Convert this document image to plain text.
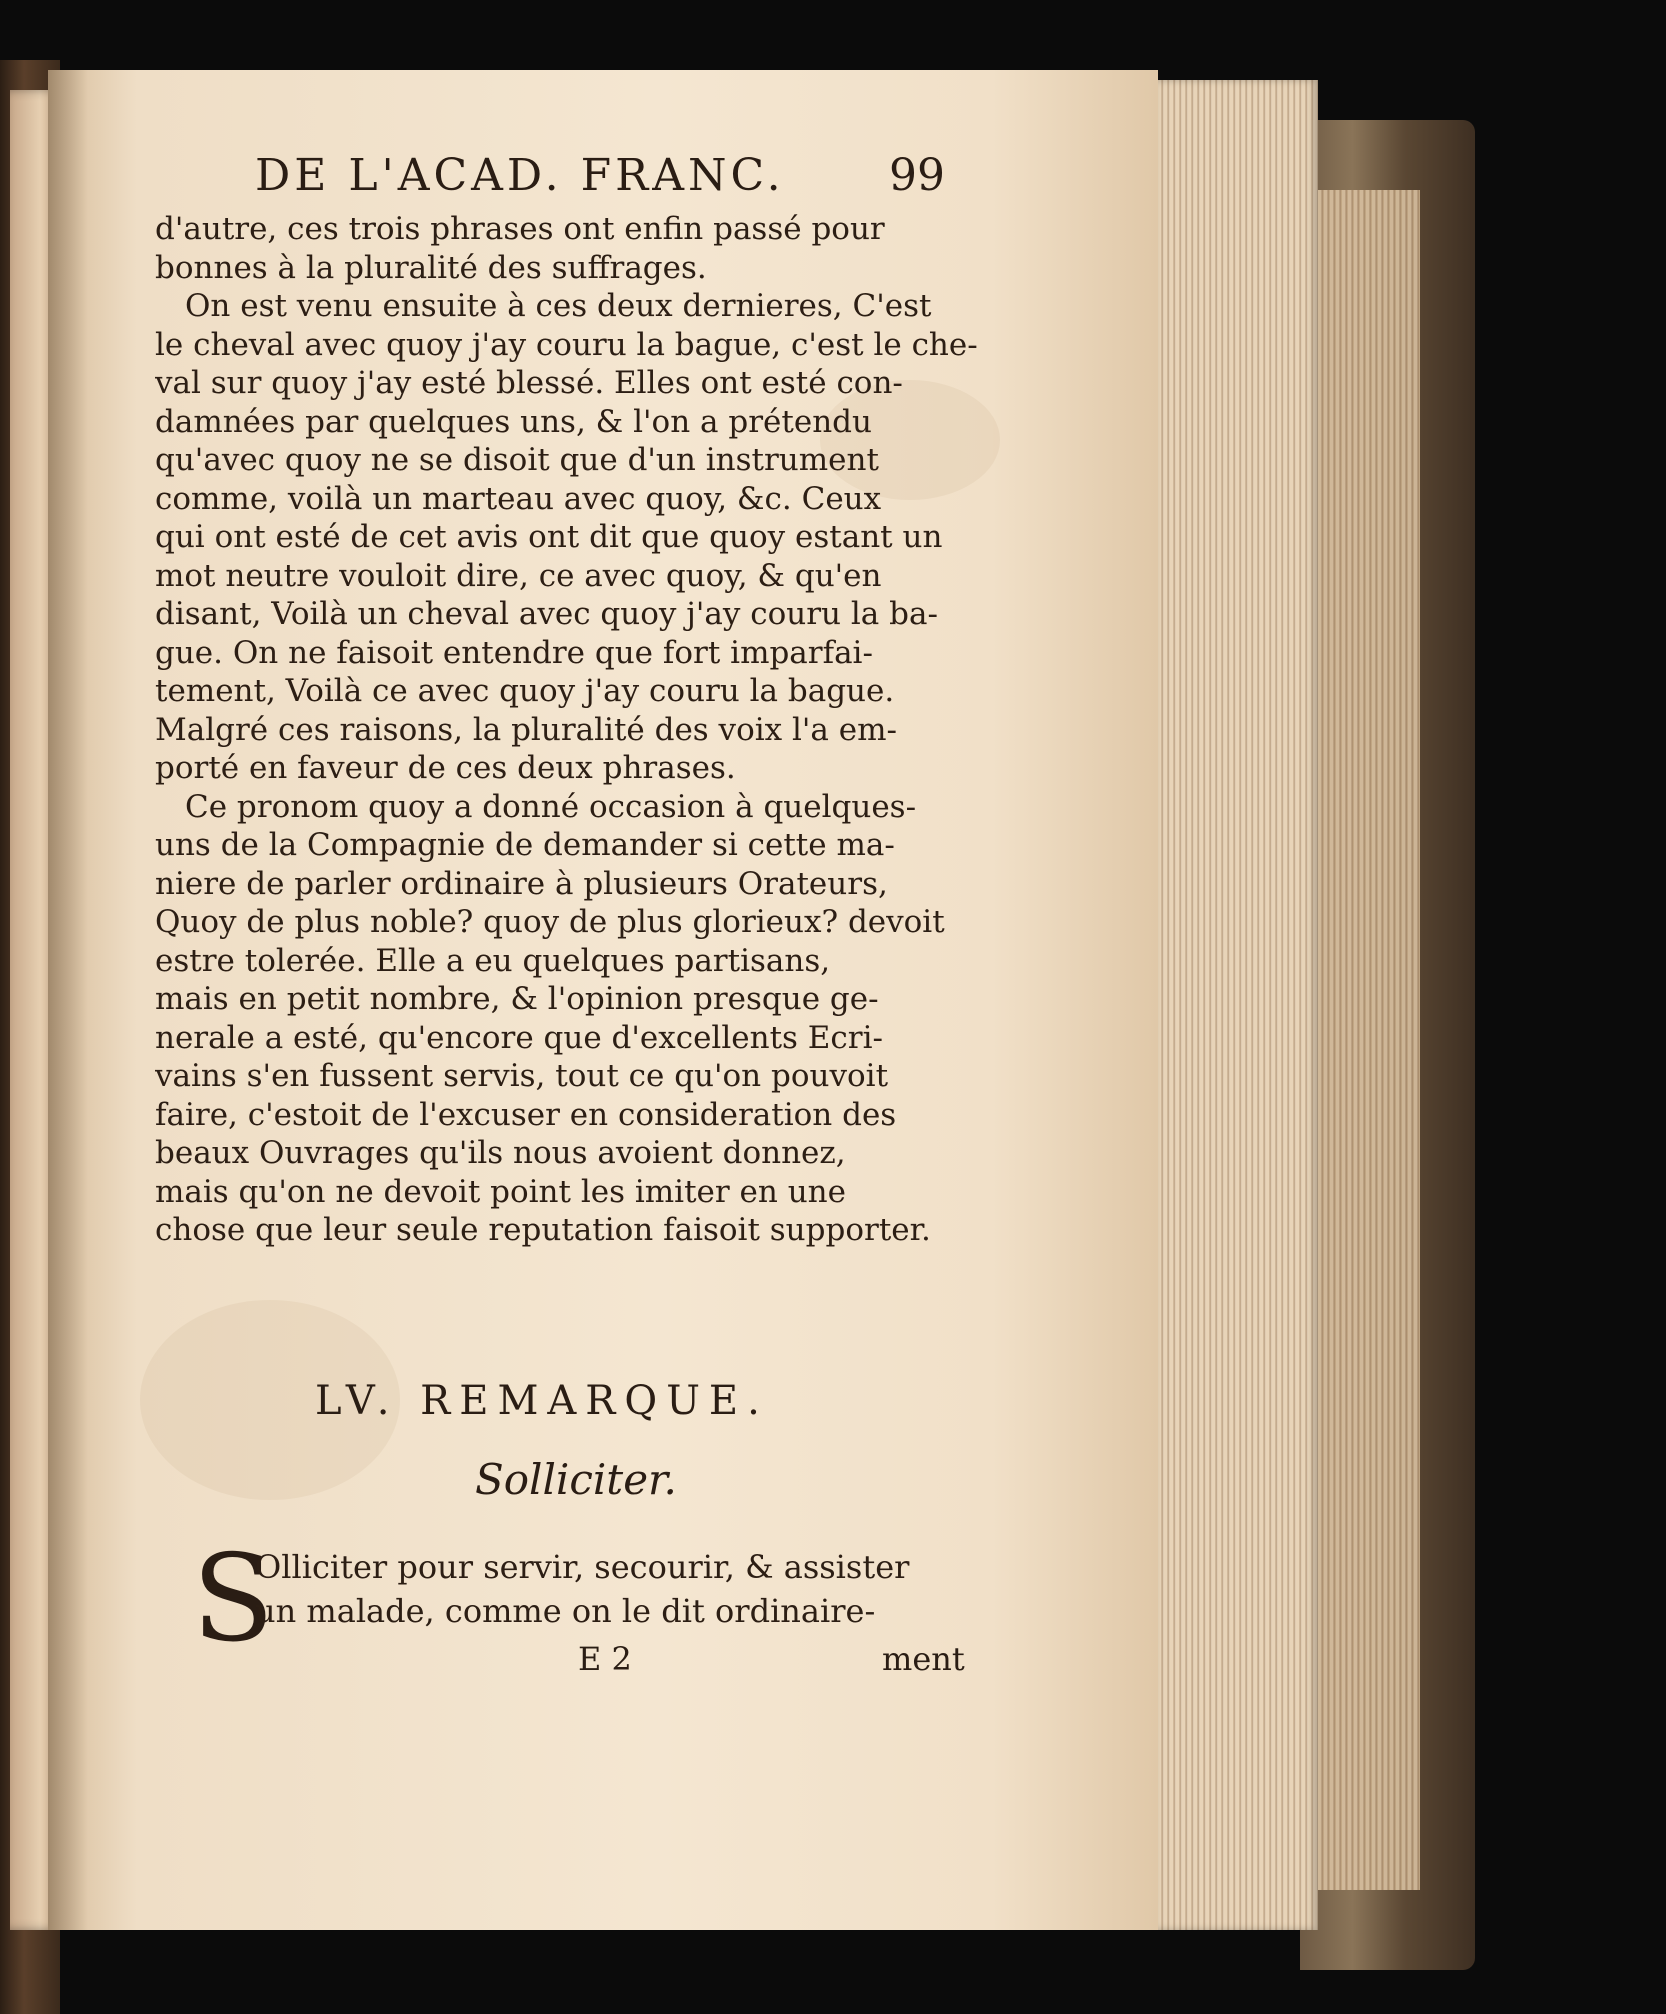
DE L'ACAD. FRANC. 99
d'autre, ces trois phrases ont enfin passé pour
bonnes à la pluralité des suffrages.
On est venu ensuite à ces deux dernieres, C'est
le cheval avec quoy j'ay couru la bague, c'est le che-
val sur quoy j'ay esté blessé. Elles ont esté con-
damnées par quelques uns, & l'on a prétendu
qu'avec quoy ne se disoit que d'un instrument
comme, voilà un marteau avec quoy, &c. Ceux
qui ont esté de cet avis ont dit que quoy estant un
mot neutre vouloit dire, ce avec quoy, & qu'en
disant, Voilà un cheval avec quoy j'ay couru la ba-
gue. On ne faisoit entendre que fort imparfai-
tement, Voilà ce avec quoy j'ay couru la bague.
Malgré ces raisons, la pluralité des voix l'a em-
porté en faveur de ces deux phrases.
Ce pronom quoy a donné occasion à quelques-
uns de la Compagnie de demander si cette ma-
niere de parler ordinaire à plusieurs Orateurs,
Quoy de plus noble? quoy de plus glorieux? devoit
estre tolerée. Elle a eu quelques partisans,
mais en petit nombre, & l'opinion presque ge-
nerale a esté, qu'encore que d'excellents Ecri-
vains s'en fussent servis, tout ce qu'on pouvoit
faire, c'estoit de l'excuser en consideration des
beaux Ouvrages qu'ils nous avoient donnez,
mais qu'on ne devoit point les imiter en une
chose que leur seule reputation faisoit supporter.
LV. REMARQUE.
Solliciter.
S
Olliciter pour servir, secourir, & assister
un malade, comme on le dit ordinaire-
E 2	ment
